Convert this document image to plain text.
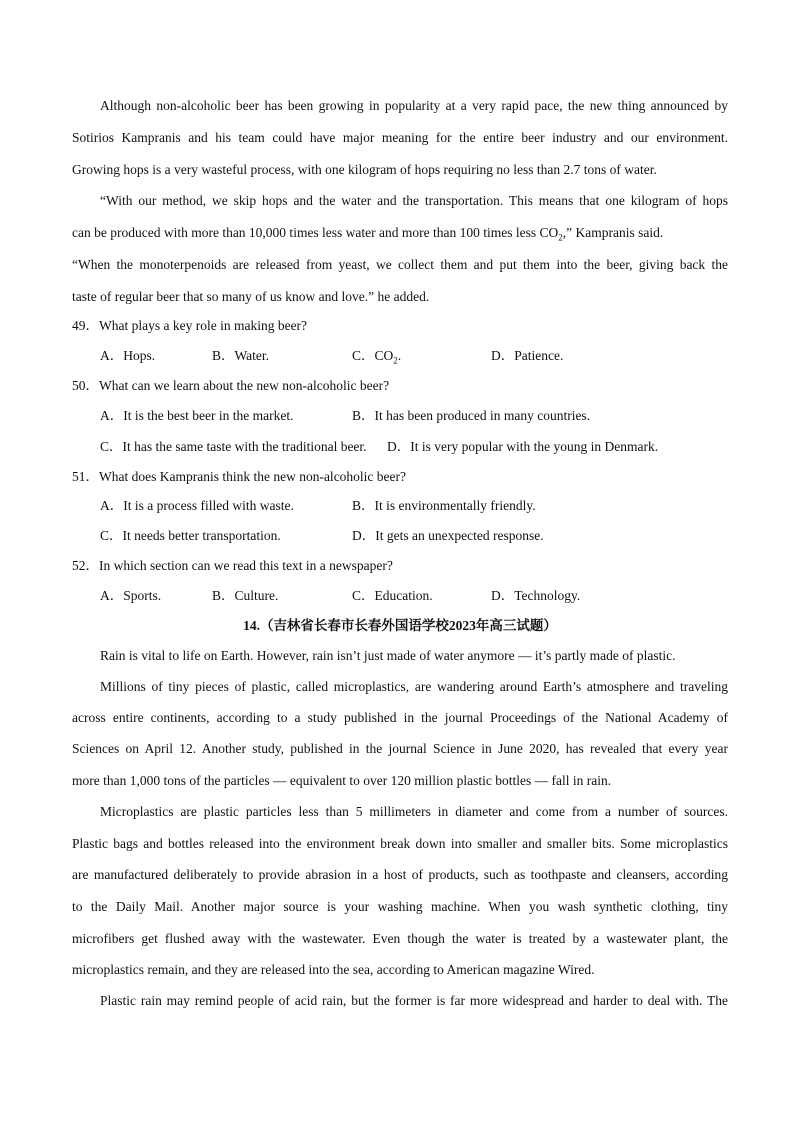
Although non-alcoholic beer has been growing in popularity at a very rapid pace, the new thing announced by
Sotirios Kampranis and his team could have major meaning for the entire beer industry and our environment.
Growing hops is a very wasteful process, with one kilogram of hops requiring no less than 2.7 tons of water.
“With our method, we skip hops and the water and the transportation. This means that one kilogram of hops
can be produced with more than 10,000 times less water and more than 100 times less $CO_2$,” Kampranis said.
“When the monoterpenoids are released from yeast, we collect them and put them into the beer, giving back the
taste of regular beer that so many of us know and love.” he added.
49．What plays a key role in making beer?
A．Hops.	B．Water.	C．$CO_2$.	D．Patience.
50．What can we learn about the new non-alcoholic beer?
A．It is the best beer in the market.	B．It has been produced in many countries.
C．It has the same taste with the traditional beer. D．It is very popular with the young in Denmark.
51．What does Kampranis think the new non-alcoholic beer?
A．It is a process filled with waste.	B．It is environmentally friendly.
C．It needs better transportation.	D．It gets an unexpected response.
52．In which section can we read this text in a newspaper?
A．Sports.	B．Culture.	C．Education.	D．Technology.
14.（吉林省长春市长春外国语学校2023年高三试题）
Rain is vital to life on Earth. However, rain isn’t just made of water anymore — it’s partly made of plastic.
Millions of tiny pieces of plastic, called microplastics, are wandering around Earth’s atmosphere and traveling
across entire continents, according to a study published in the journal Proceedings of the National Academy of
Sciences on April 12. Another study, published in the journal Science in June 2020, has revealed that every year
more than 1,000 tons of the particles — equivalent to over 120 million plastic bottles — fall in rain.
Microplastics are plastic particles less than 5 millimeters in diameter and come from a number of sources.
Plastic bags and bottles released into the environment break down into smaller and smaller bits. Some microplastics
are manufactured deliberately to provide abrasion in a host of products, such as toothpaste and cleansers, according
to the Daily Mail. Another major source is your washing machine. When you wash synthetic clothing, tiny
microfibers get flushed away with the wastewater. Even though the water is treated by a wastewater plant, the
microplastics remain, and they are released into the sea, according to American magazine Wired.
Plastic rain may remind people of acid rain, but the former is far more widespread and harder to deal with. The
